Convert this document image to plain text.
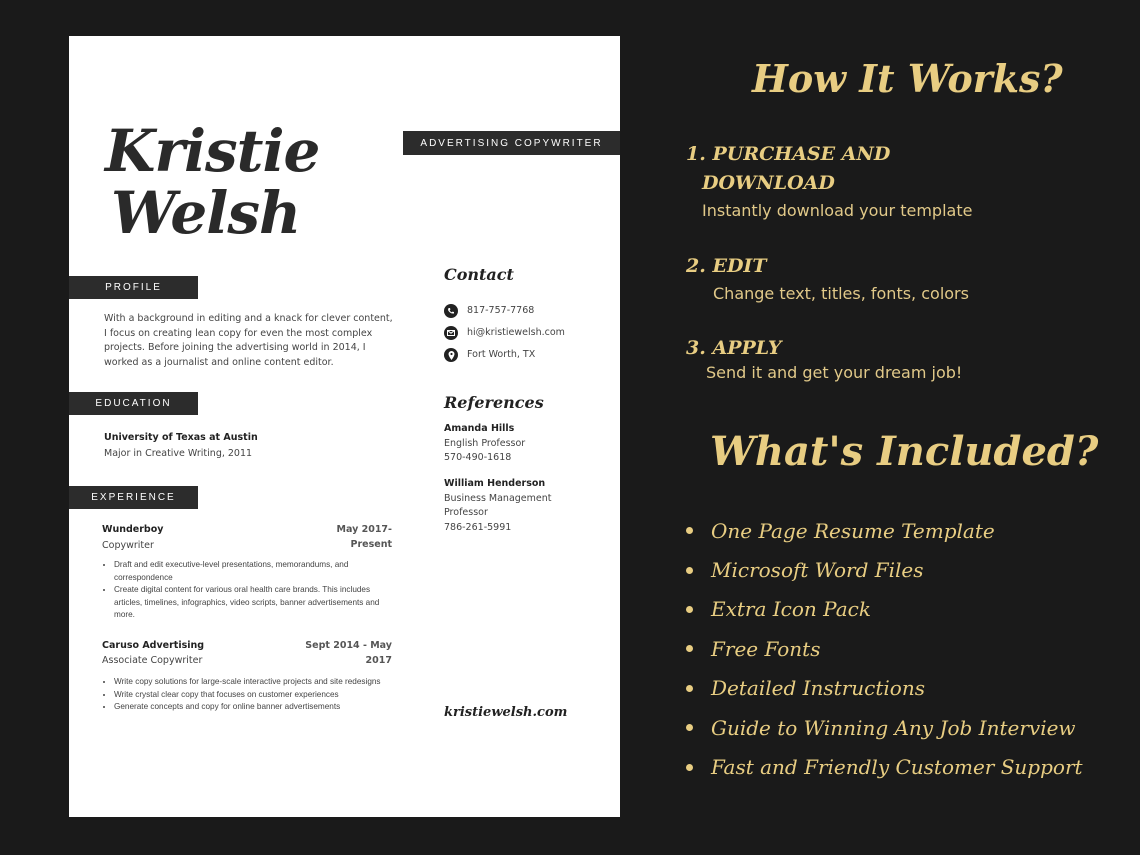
Kristie
Welsh
ADVERTISING COPYWRITER
PROFILE
With a background in editing and a knack for clever content, I focus on creating lean copy for even the most complex projects. Before joining the advertising world in 2014, I worked as a journalist and online content editor.
EDUCATION
University of Texas at Austin
Major in Creative Writing, 2011
EXPERIENCE
Wunderboy	May 2017- Present
Copywriter
• Draft and edit executive-level presentations, memorandums, and correspondence
• Create digital content for various oral health care brands. This includes articles, timelines, infographics, video scripts, banner advertisements and more.
Caruso Advertising	Sept 2014 - May
2017
Associate Copywriter
• Write copy solutions for large-scale interactive projects and site redesigns
• Write crystal clear copy that focuses on customer experiences
• Generate concepts and copy for online banner advertisements
Contact
817-757-7768
hi@kristiewelsh.com
Fort Worth, TX
References
Amanda Hills
English Professor
570-490-1618
William Henderson
Business Management
Professor
786-261-5991
kristiewelsh.com
How It Works?
1. PURCHASE AND
DOWNLOAD
Instantly download your template
2. EDIT
Change text, titles, fonts, colors
3. APPLY
Send it and get your dream job!
What's Included?
One Page Resume Template
Microsoft Word Files
Extra Icon Pack
Free Fonts
Detailed Instructions
Guide to Winning Any Job Interview
Fast and Friendly Customer Support
